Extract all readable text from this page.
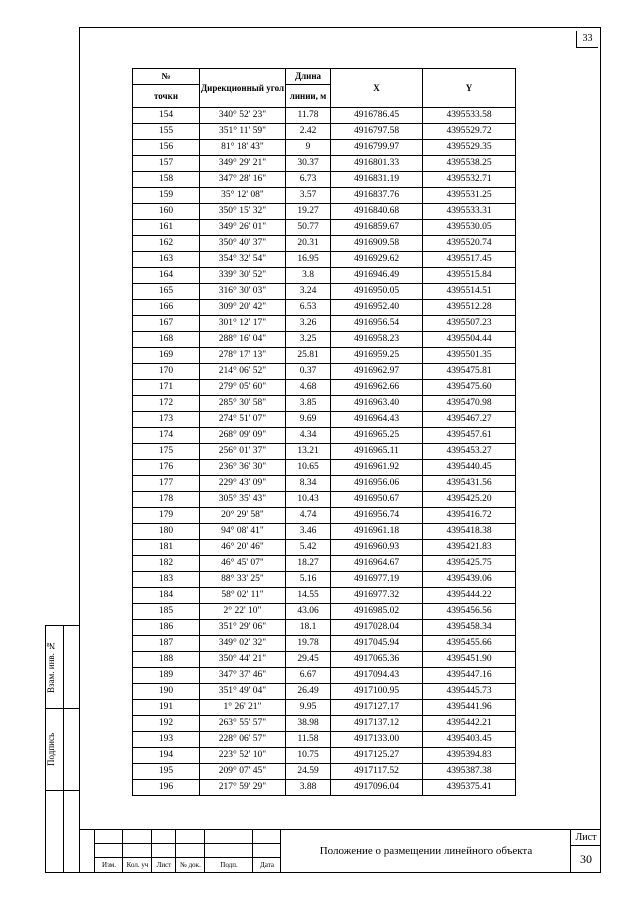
33
Взам. инв. №
Подпись
№	Дирекционный угол	Длина	X	Y
точки		линии, м		
154	340° 52' 23"	11.78	4916786.45	4395533.58
155	351° 11' 59"	2.42	4916797.58	4395529.72
156	81° 18' 43"	9	4916799.97	4395529.35
157	349° 29' 21"	30.37	4916801.33	4395538.25
158	347° 28' 16"	6.73	4916831.19	4395532.71
159	35° 12' 08"	3.57	4916837.76	4395531.25
160	350° 15' 32"	19.27	4916840.68	4395533.31
161	349° 26' 01"	50.77	4916859.67	4395530.05
162	350° 40' 37"	20.31	4916909.58	4395520.74
163	354° 32' 54"	16.95	4916929.62	4395517.45
164	339° 30' 52"	3.8	4916946.49	4395515.84
165	316° 30' 03"	3.24	4916950.05	4395514.51
166	309° 20' 42"	6.53	4916952.40	4395512.28
167	301° 12' 17"	3.26	4916956.54	4395507.23
168	288° 16' 04"	3.25	4916958.23	4395504.44
169	278° 17' 13"	25.81	4916959.25	4395501.35
170	214° 06' 52"	0.37	4916962.97	4395475.81
171	279° 05' 60"	4.68	4916962.66	4395475.60
172	285° 30' 58"	3.85	4916963.40	4395470.98
173	274° 51' 07"	9.69	4916964.43	4395467.27
174	268° 09' 09"	4.34	4916965.25	4395457.61
175	256° 01' 37"	13.21	4916965.11	4395453.27
176	236° 36' 30"	10.65	4916961.92	4395440.45
177	229° 43' 09"	8.34	4916956.06	4395431.56
178	305° 35' 43"	10.43	4916950.67	4395425.20
179	20° 29' 58"	4.74	4916956.74	4395416.72
180	94° 08' 41"	3.46	4916961.18	4395418.38
181	46° 20' 46"	5.42	4916960.93	4395421.83
182	46° 45' 07"	18.27	4916964.67	4395425.75
183	88° 33' 25"	5.16	4916977.19	4395439.06
184	58° 02' 11"	14.55	4916977.32	4395444.22
185	2° 22' 10"	43.06	4916985.02	4395456.56
186	351° 29' 06"	18.1	4917028.04	4395458.34
187	349° 02' 32"	19.78	4917045.94	4395455.66
188	350° 44' 21"	29.45	4917065.36	4395451.90
189	347° 37' 46"	6.67	4917094.43	4395447.16
190	351° 49' 04"	26.49	4917100.95	4395445.73
191	1° 26' 21"	9.95	4917127.17	4395441.96
192	263° 55' 57"	38.98	4917137.12	4395442.21
193	228° 06' 57"	11.58	4917133.00	4395403.45
194	223° 52' 10"	10.75	4917125.27	4395394.83
195	209° 07' 45"	24.59	4917117.52	4395387.38
196	217° 59' 29"	3.88	4917096.04	4395375.41
Положение о размещении линейного объекта
Лист
30
Изм.	Кол. уч	Лист	№ док.	Подп.	Дата
